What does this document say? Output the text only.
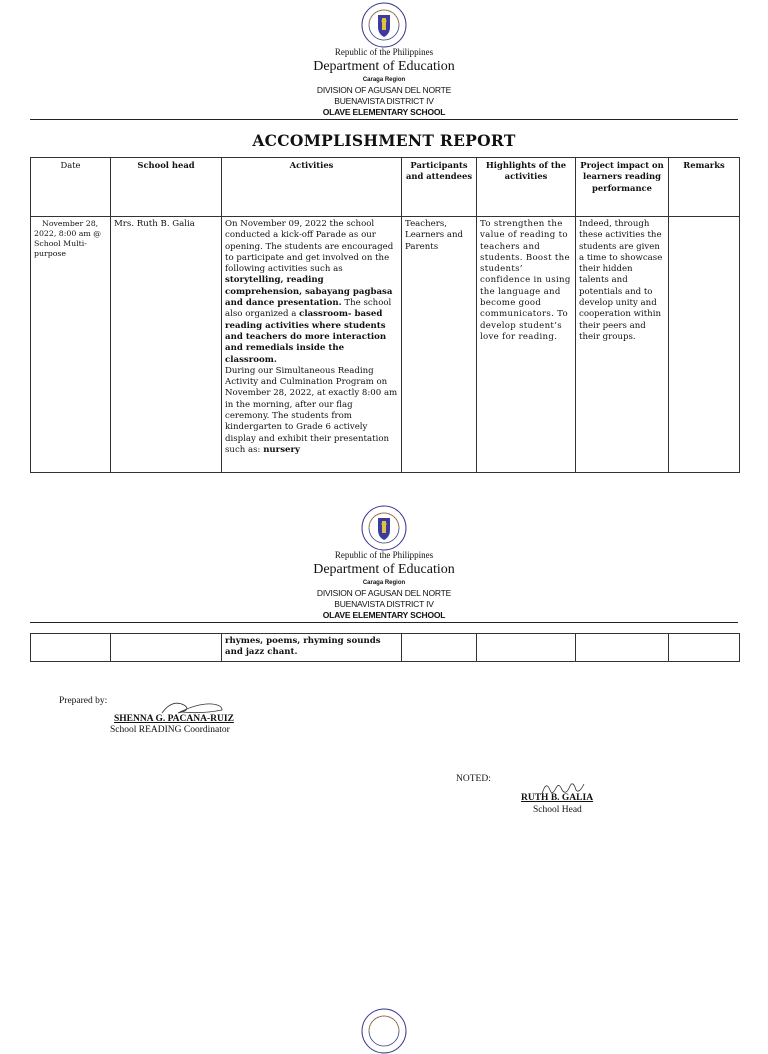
Republic of the Philippines
Department of Education
Caraga Region
DIVISION OF AGUSAN DEL NORTE
BUENAVISTA DISTRICT IV
OLAVE ELEMENTARY SCHOOL
ACCOMPLISHMENT REPORT
Date	School head	Activities	Participants and attendees	Highlights of the activities	Project impact on learners reading performance	Remarks
November 28, 2022, 8:00 am @ School Multi-purpose	Mrs. Ruth B. Galia	On November 09, 2022 the school conducted a kick-off Parade as our opening. The students are encouraged to participate and get involved on the following activities such as storytelling, reading comprehension, sabayang pagbasa and dance presentation. The school also organized a classroom- based reading activities where students and teachers do more interaction and remedials inside the classroom.
During our Simultaneous Reading Activity and Culmination Program on November 28, 2022, at exactly 8:00 am in the morning, after our flag ceremony. The students from kindergarten to Grade 6 actively display and exhibit their presentation such as: nursery	Teachers, Learners and Parents	To strengthen the value of reading to teachers and students. Boost the students’ confidence in using the language and become good communicators. To develop student’s love for reading.	Indeed, through these activities the students are given a time to showcase their hidden talents and potentials and to develop unity and cooperation within their peers and their groups.	
Republic of the Philippines
Department of Education
Caraga Region
DIVISION OF AGUSAN DEL NORTE
BUENAVISTA DISTRICT IV
OLAVE ELEMENTARY SCHOOL
		rhymes, poems, rhyming sounds and jazz chant.				
Prepared by:
SHENNA G. PACANA-RUIZ
School READING Coordinator
NOTED:
RUTH B. GALIA
School Head
